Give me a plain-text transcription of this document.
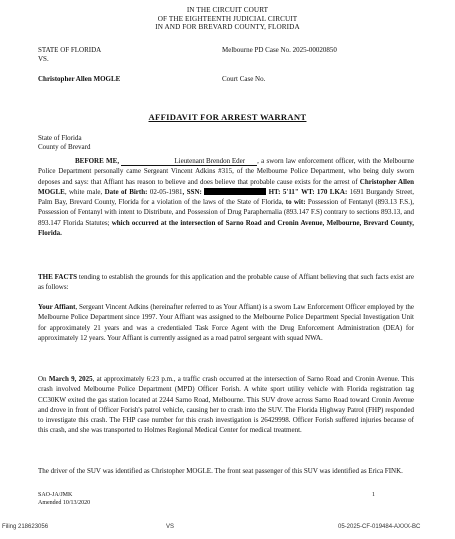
IN THE CIRCUIT COURT
OF THE EIGHTEENTH JUDICIAL CIRCUIT
IN AND FOR BREVARD COUNTY, FLORIDA
STATE OF FLORIDA
VS.
Melbourne PD Case No. 2025-00020850
Christopher Allen MOGLE	Court Case No.
AFFIDAVIT FOR ARREST WARRANT
State of Florida
County of Brevard
BEFORE ME,	Lieutenant Brendon Eder , a sworn law enforcement officer, with the Melbourne Police Department personally came Sergeant Vincent Adkins #315, of the Melbourne Police Department, who being duly sworn deposes and says: that Affiant has reason to believe and does believe that probable cause exists for the arrest of Christopher Allen MOGLE, white male, Date of Birth: 02-05-1981, SSN:	HT: 5'11" WT: 170 LKA: 1691 Burgandy Street, Palm Bay, Brevard County, Florida for a violation of the laws of the State of Florida, to wit: Possession of Fentanyl (893.13 F.S.), Possession of Fentanyl with intent to Distribute, and Possession of Drug Paraphernalia (893.147 F.S) contrary to sections 893.13, and 893.147 Florida Statutes; which occurred at the intersection of Sarno Road and Cronin Avenue, Melbourne, Brevard County, Florida.
THE FACTS tending to establish the grounds for this application and the probable cause of Affiant believing that such facts exist are as follows:
Your Affiant, Sergeant Vincent Adkins (hereinafter referred to as Your Affiant) is a sworn Law Enforcement Officer employed by the Melbourne Police Department since 1997. Your Affiant was assigned to the Melbourne Police Department Special Investigation Unit for approximately 21 years and was a credentialed Task Force Agent with the Drug Enforcement Administration (DEA) for approximately 12 years. Your Affiant is currently assigned as a road patrol sergeant with squad NWA.
On March 9, 2025, at approximately 6:23 p.m., a traffic crash occurred at the intersection of Sarno Road and Cronin Avenue. This crash involved Melbourne Police Department (MPD) Officer Forish. A white sport utility vehicle with Florida registration tag CC30KW exited the gas station located at 2244 Sarno Road, Melbourne. This SUV drove across Sarno Road toward Cronin Avenue and drove in front of Officer Forish's patrol vehicle, causing her to crash into the SUV. The Florida Highway Patrol (FHP) responded to investigate this crash. The FHP case number for this crash investigation is 26429998. Officer Forish suffered injuries because of this crash, and she was transported to Holmes Regional Medical Center for medical treatment.
The driver of the SUV was identified as Christopher MOGLE. The front seat passenger of this SUV was identified as Erica FINK.
SAO-JA/JMK
Amended 10/13/2020
1
Filing 218623056	VS	05-2025-CF-019484-AXXX-BC
